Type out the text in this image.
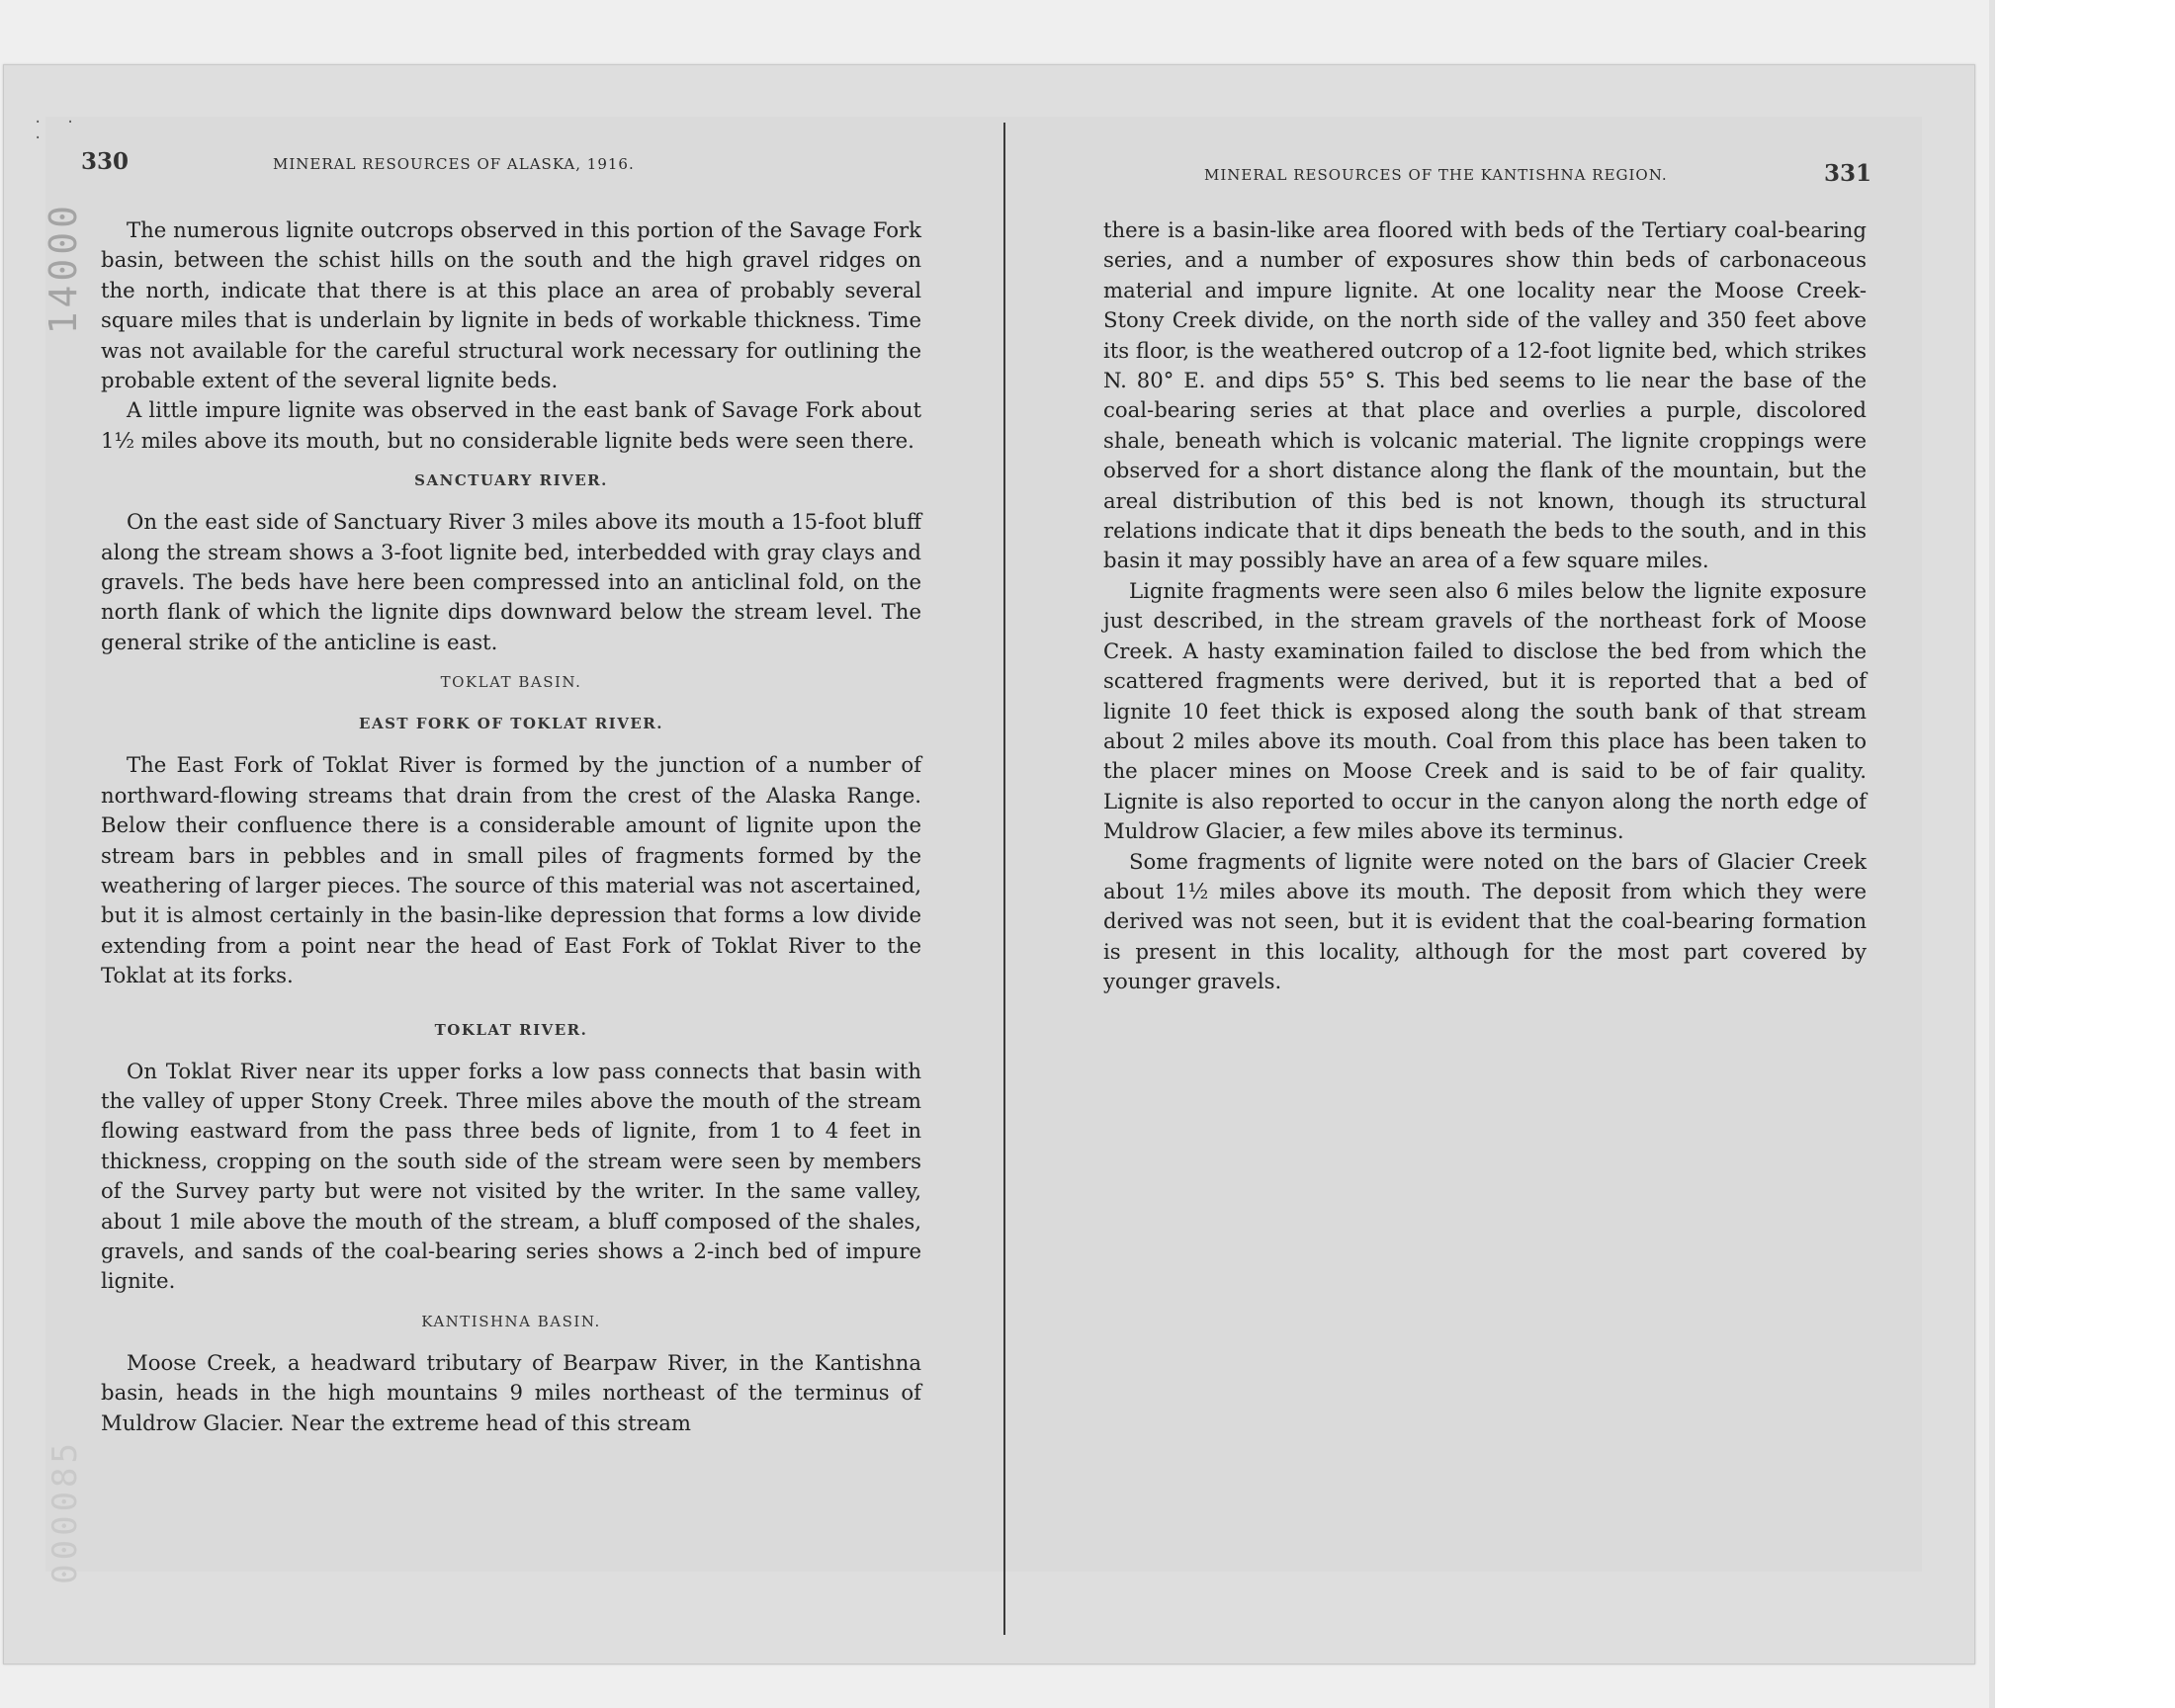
· · ·
14000
000085
330	MINERAL RESOURCES OF ALASKA, 1916.
MINERAL RESOURCES OF THE KANTISHNA REGION.	331

The numerous lignite outcrops observed in this portion of the Savage Fork basin, between the schist hills on the south and the high gravel ridges on the north, indicate that there is at this place an area of probably several square miles that is underlain by lignite in beds of workable thickness. Time was not available for the careful structural work necessary for outlining the probable extent of the several lignite beds.

A little impure lignite was observed in the east bank of Savage Fork about 1½ miles above its mouth, but no considerable lignite beds were seen there.

SANCTUARY RIVER.

On the east side of Sanctuary River 3 miles above its mouth a 15-foot bluff along the stream shows a 3-foot lignite bed, interbedded with gray clays and gravels. The beds have here been compressed into an anticlinal fold, on the north flank of which the lignite dips downward below the stream level. The general strike of the anticline is east.

TOKLAT BASIN.
EAST FORK OF TOKLAT RIVER.

The East Fork of Toklat River is formed by the junction of a number of northward-flowing streams that drain from the crest of the Alaska Range. Below their confluence there is a considerable amount of lignite upon the stream bars in pebbles and in small piles of fragments formed by the weathering of larger pieces. The source of this material was not ascertained, but it is almost certainly in the basin-like depression that forms a low divide extending from a point near the head of East Fork of Toklat River to the Toklat at its forks.

TOKLAT RIVER.

On Toklat River near its upper forks a low pass connects that basin with the valley of upper Stony Creek. Three miles above the mouth of the stream flowing eastward from the pass three beds of lignite, from 1 to 4 feet in thickness, cropping on the south side of the stream were seen by members of the Survey party but were not visited by the writer. In the same valley, about 1 mile above the mouth of the stream, a bluff composed of the shales, gravels, and sands of the coal-bearing series shows a 2-inch bed of impure lignite.

KANTISHNA BASIN.

Moose Creek, a headward tributary of Bearpaw River, in the Kantishna basin, heads in the high mountains 9 miles northeast of the terminus of Muldrow Glacier. Near the extreme head of this stream

there is a basin-like area floored with beds of the Tertiary coal-bearing series, and a number of exposures show thin beds of carbonaceous material and impure lignite. At one locality near the Moose Creek-Stony Creek divide, on the north side of the valley and 350 feet above its floor, is the weathered outcrop of a 12-foot lignite bed, which strikes N. 80° E. and dips 55° S. This bed seems to lie near the base of the coal-bearing series at that place and overlies a purple, discolored shale, beneath which is volcanic material. The lignite croppings were observed for a short distance along the flank of the mountain, but the areal distribution of this bed is not known, though its structural relations indicate that it dips beneath the beds to the south, and in this basin it may possibly have an area of a few square miles.

Lignite fragments were seen also 6 miles below the lignite exposure just described, in the stream gravels of the northeast fork of Moose Creek. A hasty examination failed to disclose the bed from which the scattered fragments were derived, but it is reported that a bed of lignite 10 feet thick is exposed along the south bank of that stream about 2 miles above its mouth. Coal from this place has been taken to the placer mines on Moose Creek and is said to be of fair quality. Lignite is also reported to occur in the canyon along the north edge of Muldrow Glacier, a few miles above its terminus.

Some fragments of lignite were noted on the bars of Glacier Creek about 1½ miles above its mouth. The deposit from which they were derived was not seen, but it is evident that the coal-bearing formation is present in this locality, although for the most part covered by younger gravels.
